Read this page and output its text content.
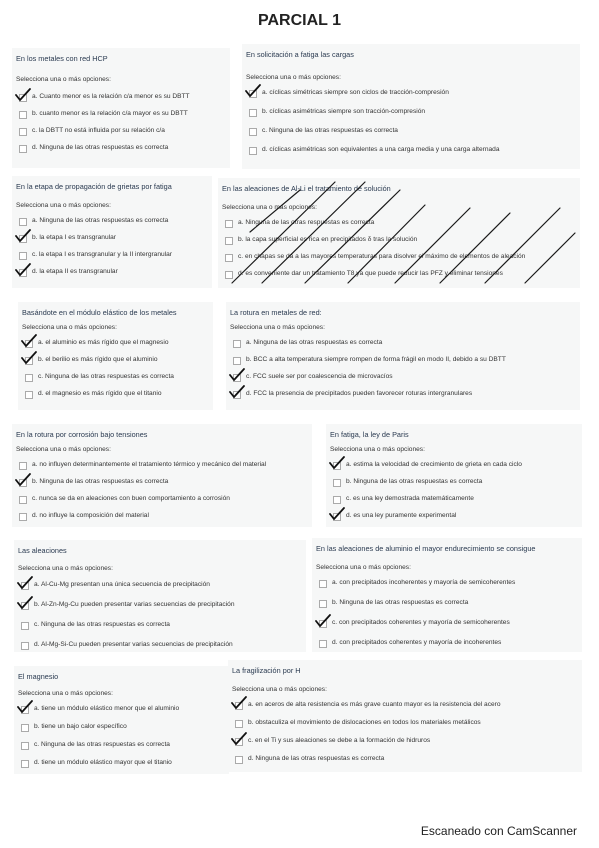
PARCIAL 1
En los metales con red HCP
Selecciona una o más opciones:
a. Cuanto menor es la relación c/a menor es su DBTT
b. cuanto menor es la relación c/a mayor es su DBTT
c. la DBTT no está influida por su relación c/a
d. Ninguna de las otras respuestas es correcta
En solicitación a fatiga las cargas
Selecciona una o más opciones:
a. cíclicas simétricas siempre son ciclos de tracción-compresión
b. cíclicas asimétricas siempre son tracción-compresión
c. Ninguna de las otras respuestas es correcta
d. cíclicas asimétricas son equivalentes a una carga media y una carga alternada
En la etapa de propagación de grietas por fatiga
Selecciona una o más opciones:
a. Ninguna de las otras respuestas es correcta
b. la etapa I es transgranular
c. la etapa I es transgranular y la II intergranular
d. la etapa II es transgranular
En las aleaciones de Al-Li el tratamiento de solución
Selecciona una o más opciones:
a. Ninguna de las otras respuestas es correcta
b. la capa superficial es rica en precipitados δ tras la solución
c. en chapas se da a las mayores temperaturas para disolver el máximo de elementos de aleación
d. es conveniente dar un tratamiento T8 ya que puede reducir las PFZ y eliminar tensiones
Basándote en el módulo elástico de los metales
Selecciona una o más opciones:
a. el aluminio es más rígido que el magnesio
b. el berilio es más rígido que el aluminio
c. Ninguna de las otras respuestas es correcta
d. el magnesio es más rígido que el titanio
La rotura en metales de red:
Selecciona una o más opciones:
a. Ninguna de las otras respuestas es correcta
b. BCC a alta temperatura siempre rompen de forma frágil en modo II, debido a su DBTT
c. FCC suele ser por coalescencia de microvacíos
d. FCC la presencia de precipitados pueden favorecer roturas intergranulares
En la rotura por corrosión bajo tensiones
Selecciona una o más opciones:
a. no influyen determinantemente el tratamiento térmico y mecánico del material
b. Ninguna de las otras respuestas es correcta
c. nunca se da en aleaciones con buen comportamiento a corrosión
d. no influye la composición del material
En fatiga, la ley de Paris
Selecciona una o más opciones:
a. estima la velocidad de crecimiento de grieta en cada ciclo
b. Ninguna de las otras respuestas es correcta
c. es una ley demostrada matemáticamente
d. es una ley puramente experimental
Las aleaciones
Selecciona una o más opciones:
a. Al-Cu-Mg presentan una única secuencia de precipitación
b. Al-Zn-Mg-Cu pueden presentar varias secuencias de precipitación
c. Ninguna de las otras respuestas es correcta
d. Al-Mg-Si-Cu pueden presentar varias secuencias de precipitación
En las aleaciones de aluminio el mayor endurecimiento se consigue
Selecciona una o más opciones:
a. con precipitados incoherentes y mayoría de semicoherentes
b. Ninguna de las otras respuestas es correcta
c. con precipitados coherentes y mayoría de semicoherentes
d. con precipitados coherentes y mayoría de incoherentes
El magnesio
Selecciona una o más opciones:
a. tiene un módulo elástico menor que el aluminio
b. tiene un bajo calor específico
c. Ninguna de las otras respuestas es correcta
d. tiene un módulo elástico mayor que el titanio
La fragilización por H
Selecciona una o más opciones:
a. en aceros de alta resistencia es más grave cuanto mayor es la resistencia del acero
b. obstaculiza el movimiento de dislocaciones en todos los materiales metálicos
c. en el Ti y sus aleaciones se debe a la formación de hidruros
d. Ninguna de las otras respuestas es correcta
Escaneado con CamScanner
